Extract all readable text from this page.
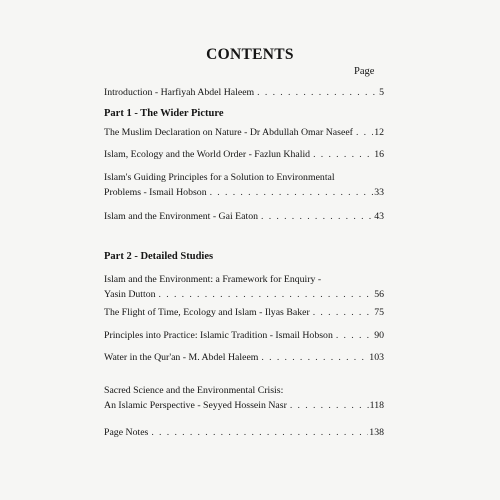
CONTENTS
Page
Part 1 - The Wider Picture
Part 2 - Detailed Studies
Introduction - Harfiyah Abdel Haleem . . .	5
The Muslim Declaration on Nature - Dr Abdullah Omar Naseef . . . 12
Islam, Ecology and the World Order - Fazlun Khalid . . .	16
Islam's Guiding Principles for a Solution to Environmental
Problems - Ismail Hobson . . .	33
Islam and the Environment - Gai Eaton . . .	43
Islam and the Environment: a Framework for Enquiry -
Yasin Dutton . . .	56
The Flight of Time, Ecology and Islam - Ilyas Baker . . .	75
Principles into Practice: Islamic Tradition - Ismail Hobson . . .	90
Water in the Qur'an - M. Abdel Haleem . . .	103
Sacred Science and the Environmental Crisis:
An Islamic Perspective - Seyyed Hossein Nasr . . .	118
Page Notes . . .	138
